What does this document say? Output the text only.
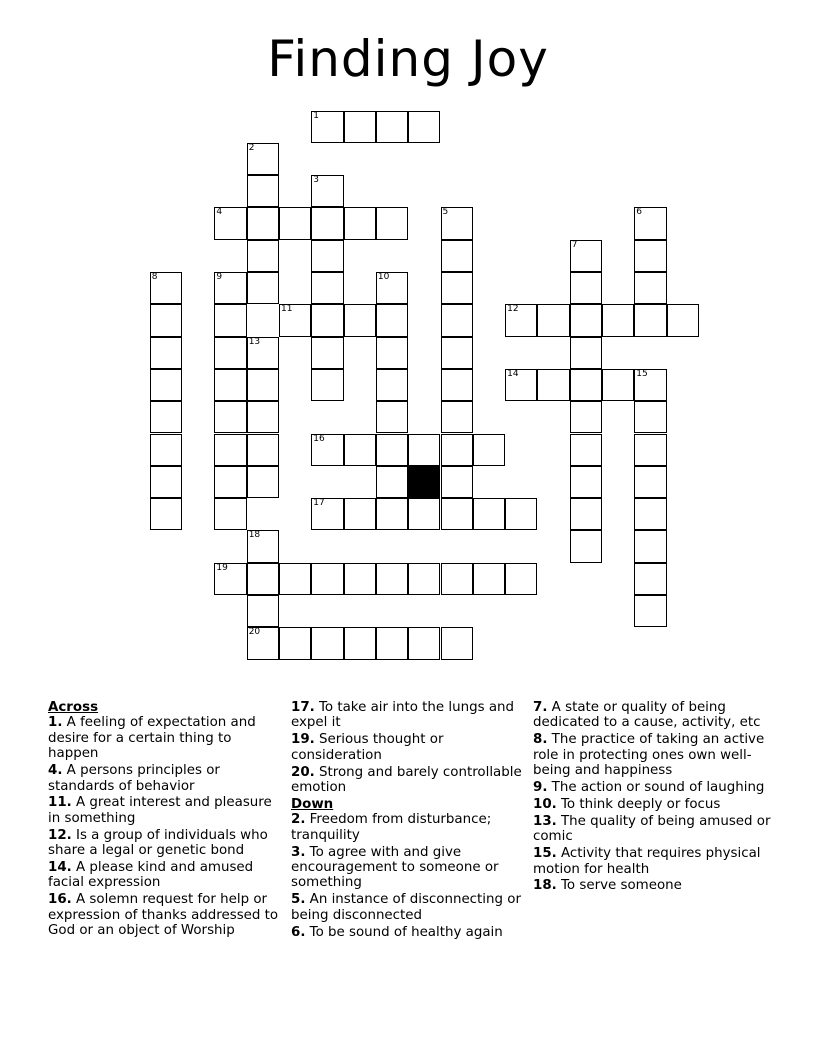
Finding Joy
1
2
3
4	5	6
7
8	9	10
11	12
13
14	15
16
17
18
19
20
Across
1. A feeling of expectation and desire for a certain thing to happen
4. A persons principles or standards of behavior
11. A great interest and pleasure in something
12. Is a group of individuals who share a legal or genetic bond
14. A please kind and amused facial expression
16. A solemn request for help or expression of thanks addressed to God or an object of Worship
17. To take air into the lungs and expel it
19. Serious thought or consideration
20. Strong and barely controllable emotion
Down
2. Freedom from disturbance; tranquility
3. To agree with and give encouragement to someone or something
5. An instance of disconnecting or being disconnected
6. To be sound of healthy again
7. A state or quality of being dedicated to a cause, activity, etc
8. The practice of taking an active role in protecting ones own well-being and happiness
9. The action or sound of laughing
10. To think deeply or focus
13. The quality of being amused or comic
15. Activity that requires physical motion for health
18. To serve someone
